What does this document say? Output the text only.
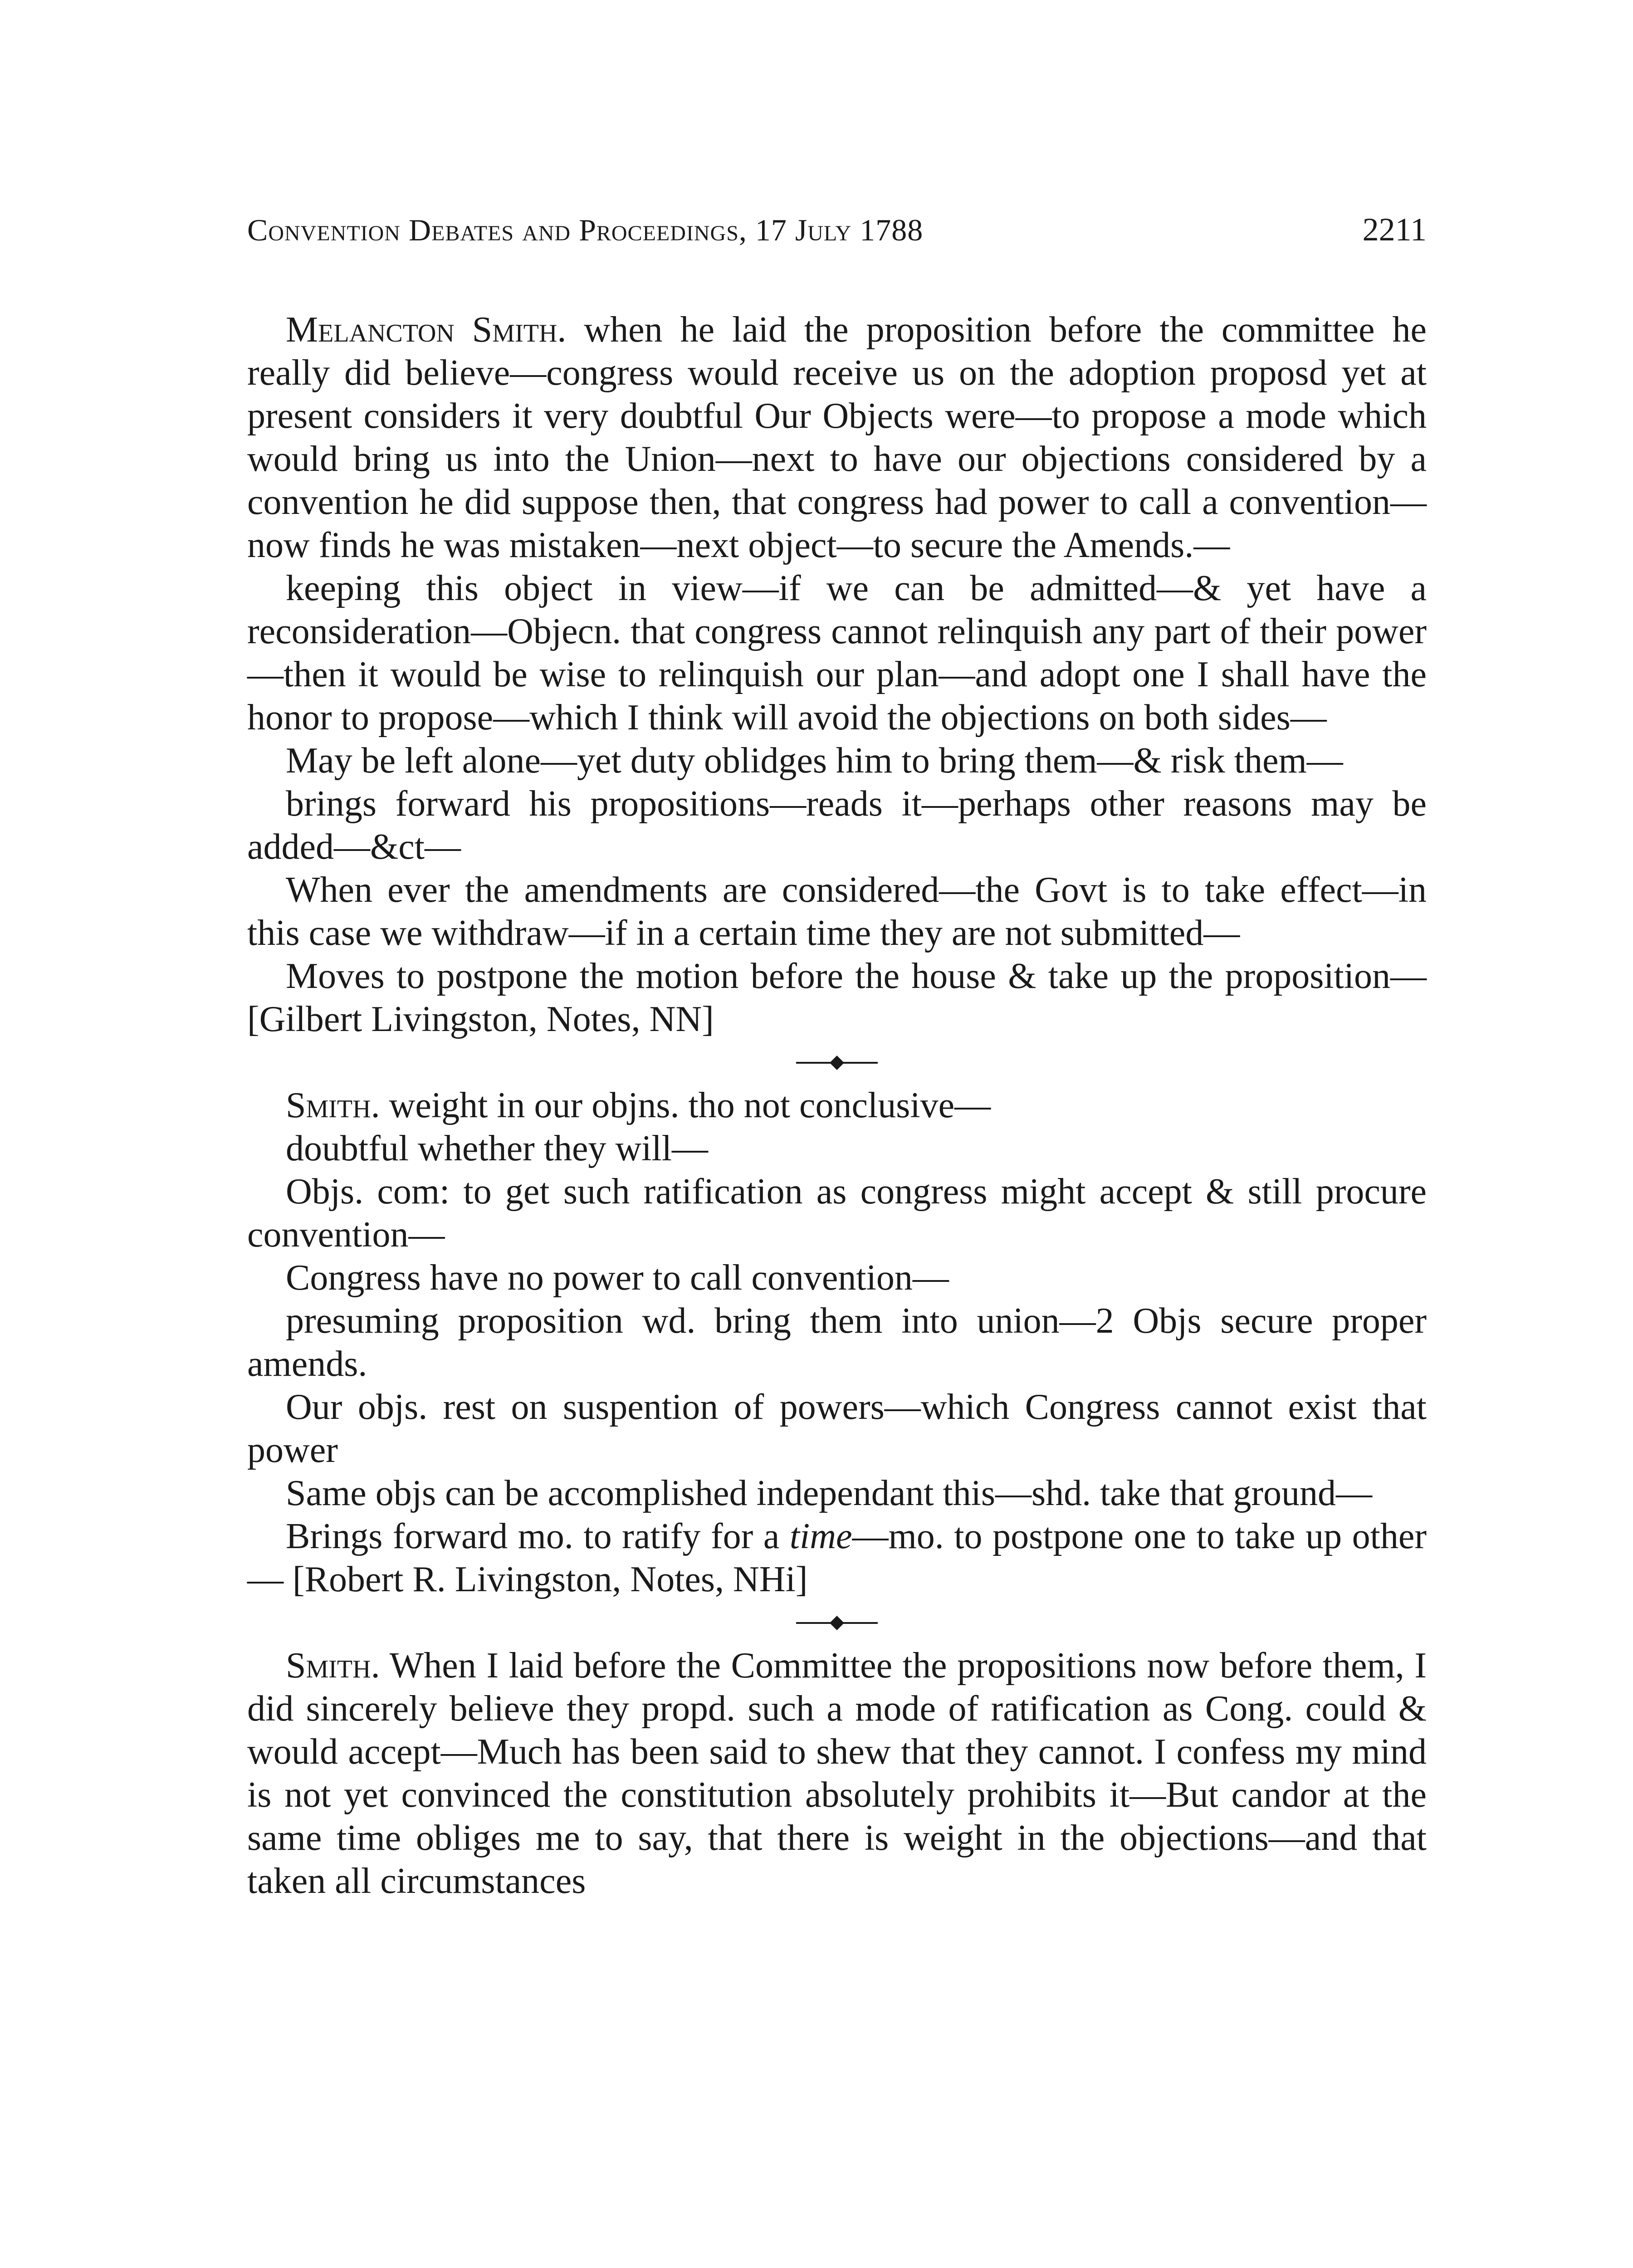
Convention Debates and Proceedings, 17 July 1788	2211

Melancton Smith. when he laid the proposition before the committee he really did believe—congress would receive us on the adoption proposd yet at present considers it very doubtful Our Objects were—to propose a mode which would bring us into the Union—next to have our objections considered by a convention he did suppose then, that congress had power to call a convention—now finds he was mistaken—next object—to secure the Amends.—

keeping this object in view—if we can be admitted—& yet have a reconsideration—Objecn. that congress cannot relinquish any part of their power—then it would be wise to relinquish our plan—and adopt one I shall have the honor to propose—which I think will avoid the objections on both sides—

May be left alone—yet duty oblidges him to bring them—& risk them—

brings forward his propositions—reads it—perhaps other reasons may be added—&ct—

When ever the amendments are considered—the Govt is to take effect—in this case we withdraw—if in a certain time they are not submitted—

Moves to postpone the motion before the house & take up the proposition— [Gilbert Livingston, Notes, NN]

Smith. weight in our objns. tho not conclusive—

doubtful whether they will—

Objs. com: to get such ratification as congress might accept & still procure convention—

Congress have no power to call convention—

presuming proposition wd. bring them into union—2 Objs secure proper amends.

Our objs. rest on suspention of powers—which Congress cannot exist that power

Same objs can be accomplished independant this—shd. take that ground—

Brings forward mo. to ratify for a time—mo. to postpone one to take up other— [Robert R. Livingston, Notes, NHi]

Smith. When I laid before the Committee the propositions now before them, I did sincerely believe they propd. such a mode of ratification as Cong. could & would accept—Much has been said to shew that they cannot. I confess my mind is not yet convinced the constitution absolutely prohibits it—But candor at the same time obliges me to say, that there is weight in the objections—and that taken all circumstances
